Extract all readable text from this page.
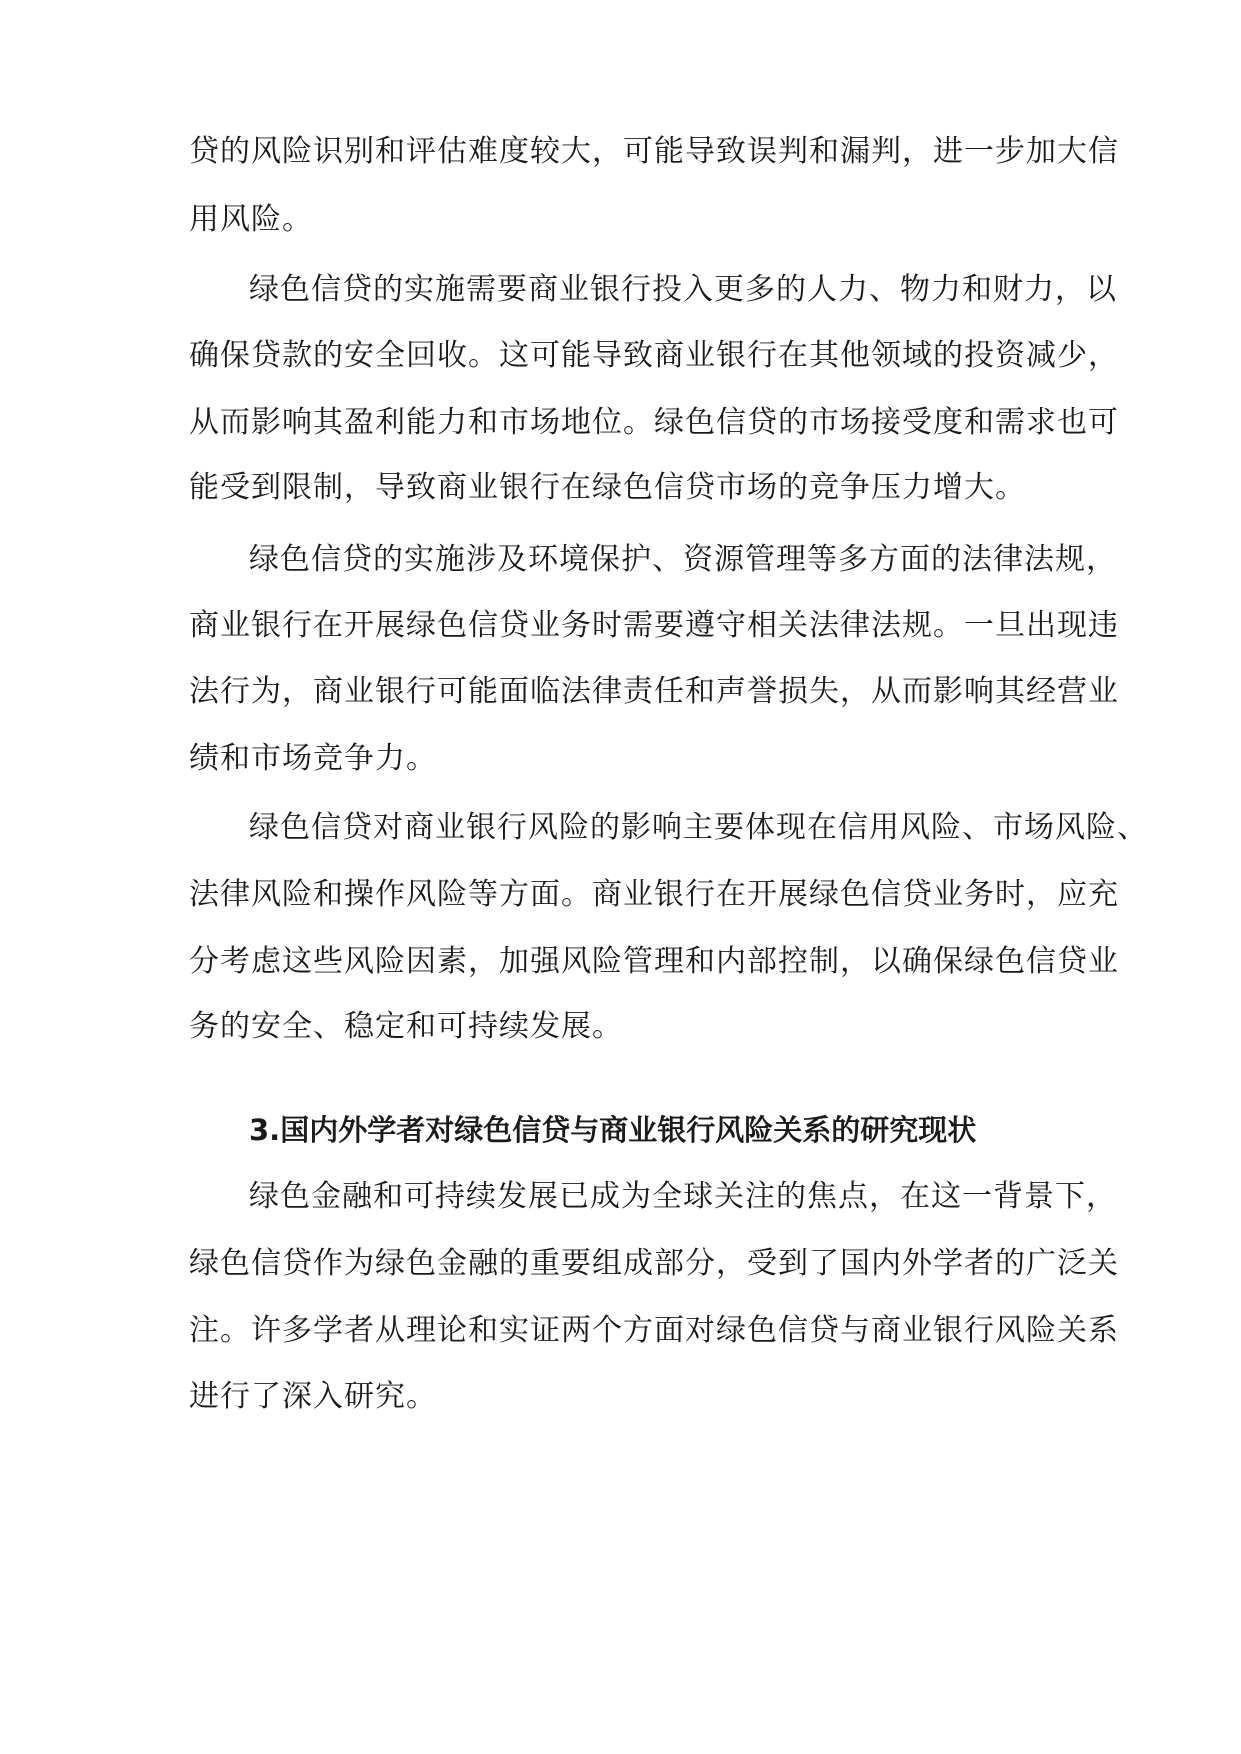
贷的风险识别和评估难度较大，可能导致误判和漏判，进一步加大信
用风险。
绿色信贷的实施需要商业银行投入更多的人力、物力和财力，以
确保贷款的安全回收。这可能导致商业银行在其他领域的投资减少，
从而影响其盈利能力和市场地位。绿色信贷的市场接受度和需求也可
能受到限制，导致商业银行在绿色信贷市场的竞争压力增大。
绿色信贷的实施涉及环境保护、资源管理等多方面的法律法规，
商业银行在开展绿色信贷业务时需要遵守相关法律法规。一旦出现违
法行为，商业银行可能面临法律责任和声誉损失，从而影响其经营业
绩和市场竞争力。
绿色信贷对商业银行风险的影响主要体现在信用风险、市场风险、
法律风险和操作风险等方面。商业银行在开展绿色信贷业务时，应充
分考虑这些风险因素，加强风险管理和内部控制，以确保绿色信贷业
务的安全、稳定和可持续发展。
3.国内外学者对绿色信贷与商业银行风险关系的研究现状
绿色金融和可持续发展已成为全球关注的焦点，在这一背景下，
绿色信贷作为绿色金融的重要组成部分，受到了国内外学者的广泛关
注。许多学者从理论和实证两个方面对绿色信贷与商业银行风险关系
进行了深入研究。
